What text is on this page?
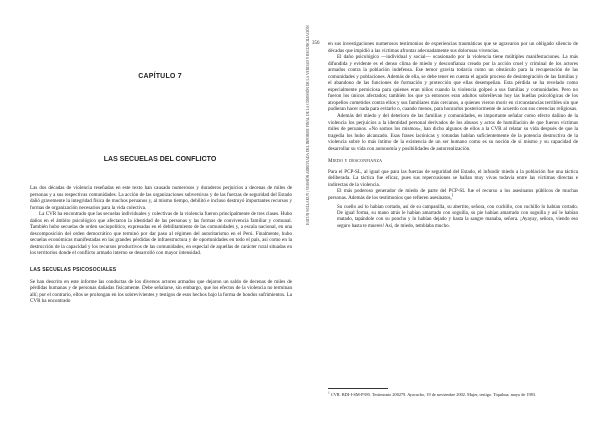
CAPÍTULO 7
LAS SECUELAS DEL CONFLICTO

Las dos décadas de violencia reseñadas en este texto han causado numerosos y duraderos perjuicios a decenas de miles de personas y a sus respectivas comunidades. La acción de las organizaciones subversivas y de las fuerzas de seguridad del Estado dañó gravemente la integridad física de muchos peruanos y, al mismo tiempo, debilitó e incluso destruyó importantes recursos y formas de organización necesarios para la vida colectiva.

La CVR ha encontrado que las secuelas individuales y colectivas de la violencia fueron principalmente de tres clases. Hubo daños en el ámbito psicológico que afectaron la identidad de las personas y las formas de convivencia familiar y comunal. También hubo secuelas de orden sociopolítico, expresadas en el debilitamiento de las comunidades y, a escala nacional, en una descomposición del orden democrático que terminó por dar paso al régimen del autoritarismo en el Perú. Finalmente, hubo secuelas económicas manifestadas en las grandes pérdidas de infraestructura y de oportunidades en todo el país, así como en la destrucción de la capacidad y los recursos productivos de las comunidades, en especial de aquellas de carácter rural situadas en los territorios donde el conflicto armado interno se desarrolló con mayor intensidad.

LAS SECUELAS PSICOSOCIALES

Se han descrito en este informe las conductas de los diversos actores armados que dejaron un saldo de decenas de miles de pérdidas humanas y de personas dañadas físicamente. Debe señalarse, sin embargo, que los efectos de la violencia no terminan allí; por el contrario, ellos se prolongan en los sobrevivientes y testigos de esos hechos bajo la forma de hondos sufrimientos. La CVR ha encontrado

356
HATUN WILLAKUY | VERSIÓN ABREVIADA DEL INFORME FINAL DE LA COMISIÓN DE LA VERDAD Y RECONCILIACIÓN	en sus investigaciones numerosos testimonios de experiencias traumáticas que se agravaron por un obligado silencio de décadas que impidió a las víctimas afrontar adecuadamente sus dolorosas vivencias.

El daño psicológico —individual y social— ocasionado por la violencia tiene múltiples manifestaciones. La más difundida y evidente es el denso clima de miedo y desconfianza creado por la acción cruel y criminal de los actores armados contra la población indefensa. Ese temor gravita todavía como un obstáculo para la recuperación de las comunidades y poblaciones. Además de ella, se debe tener en cuenta el agudo proceso de desintegración de las familias y el abandono de las funciones de formación y protección que ellas desempeñan. Esta pérdida se ha revelado como especialmente perniciosa para quienes eran niños cuando la violencia golpeó a sus familias y comunidades. Pero no fueron los únicos afectados; también los que ya entonces eran adultos sobrellevan hoy las huellas psicológicas de los atropellos cometidos contra ellos y sus familiares más cercanos, a quienes vieron morir en circunstancias terribles sin que pudieran hacer nada para evitarlo o, cuando menos, para honrarlos posteriormente de acuerdo con sus creencias religiosas.

Además del miedo y del deterioro de las familias y comunidades, es importante señalar como efecto dañino de la violencia los perjuicios a la identidad personal derivados de los abusos y actos de humillación de que fueron víctimas miles de peruanos. «No somos los mismos», han dicho algunos de ellos a la CVR al relatar su vida después de que la tragedia los hubo alcanzado. Esas frases lacónicas y rotundas hablan suficientemente de la potencia destructiva de la violencia sobre lo más íntimo de la existencia de un ser humano como es su noción de sí mismo y su capacidad de desarrollar su vida con autonomía y posibilidades de autorrealización.

Miedo y desconfianza

Para el PCP-SL, al igual que para las fuerzas de seguridad del Estado, el infundir miedo a la población fue una táctica deliberada. La táctica fue eficaz, pues sus repercusiones se hallan muy vivas todavía entre las víctimas directas e indirectas de la violencia.

El más poderoso generador de miedo de parte del PCP-SL fue el recurso a los asesinatos públicos de muchas personas. Además de los testimonios que refieren asesinatos,$^1$

Su cuello así lo habían cortado, así de su campanilla, su abertito, señora, con cuchillo, con cuchillo lo habían cortado. De igual forma, su mano atrás le habían amarrado con soguilla, su pie habían amarrado con soguilla y así le habían matado, tapándole con su poncho y lo habían dejado y hasta la sangre manaba, señora. ¡Ayayay, señora, viendo eso seguro hasta te mueres! Así, de miedo, temblaba mucho.
$^1$ CVR. BDI-I-SM-P395. Testimonio 200279. Ayacucho, 19 de noviembre 2002. Mujer, testigo. Tiquihua, mayo de 1983.
